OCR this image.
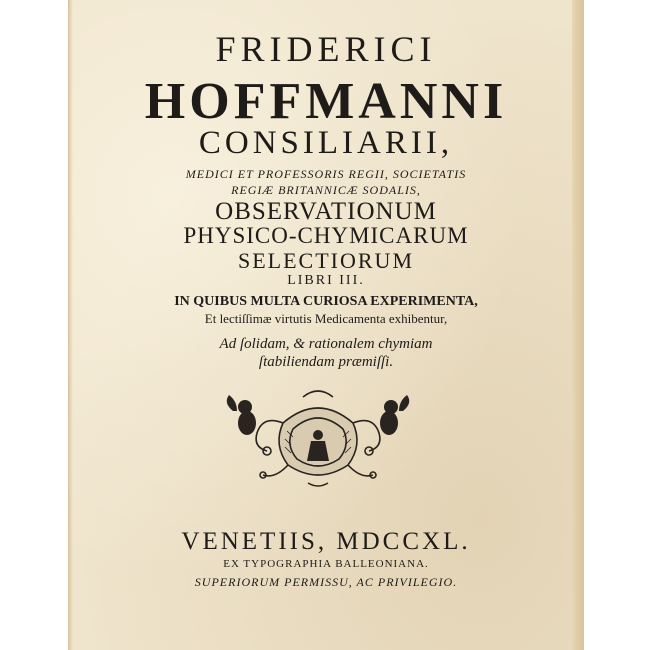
FRIDERICI
HOFFMANNI
CONSILIARII,
MEDICI ET PROFESSORIS REGII, SOCIETATIS
REGIÆ BRITANNICÆ SODALIS,
OBSERVATIONUM
PHYSICO-CHYMICARUM
SELECTIORUM
LIBRI III.
IN QUIBUS MULTA CURIOSA EXPERIMENTA,
Et lectiſſimæ virtutis Medicamenta exhibentur,
Ad ſolidam, & rationalem chymiam
ſtabiliendam præmiſſi.
VENETIIS, MDCCXL.
EX TYPOGRAPHIA BALLEONIANA.
SUPERIORUM PERMISSU, AC PRIVILEGIO.
